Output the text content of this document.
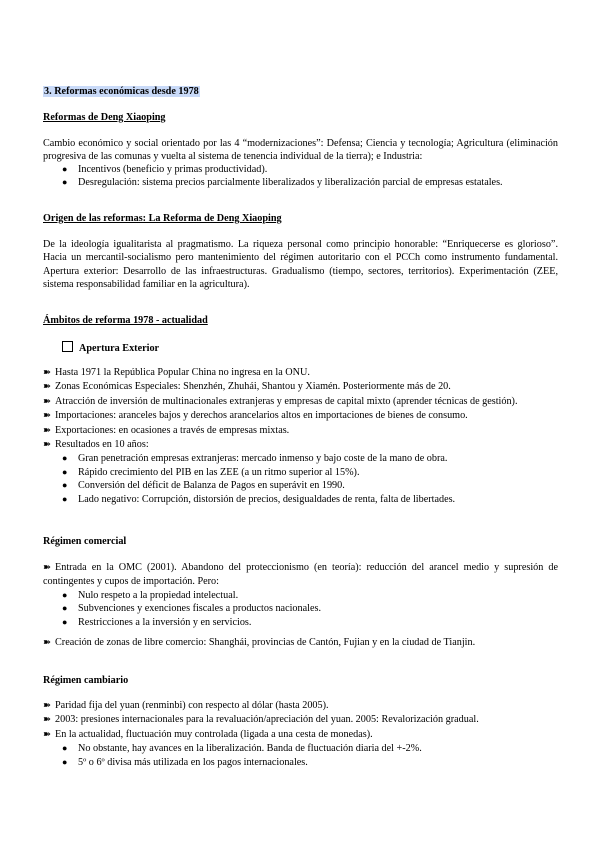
3. Reformas económicas desde 1978
Reformas de Deng Xiaoping
Cambio económico y social orientado por las 4 “modernizaciones”: Defensa; Ciencia y tecnología; Agricultura (eliminación progresiva de las comunas y vuelta al sistema de tenencia individual de la tierra); e Industria:
● Incentivos (beneficio y primas productividad).
● Desregulación: sistema precios parcialmente liberalizados y liberalización parcial de empresas estatales.
Origen de las reformas: La Reforma de Deng Xiaoping
De la ideología igualitarista al pragmatismo. La riqueza personal como principio honorable: “Enriquecerse es glorioso”. Hacia un mercantil-socialismo pero mantenimiento del régimen autoritario con el PCCh como instrumento fundamental. Apertura exterior: Desarrollo de las infraestructuras. Gradualismo (tiempo, sectores, territorios). Experimentación (ZEE, sistema responsabilidad familiar en la agricultura).
Ámbitos de reforma 1978 - actualidad
Apertura Exterior
➽ Hasta 1971 la República Popular China no ingresa en la ONU.
➽ Zonas Económicas Especiales: Shenzhén, Zhuhái, Shantou y Xiamén. Posteriormente más de 20.
➽ Atracción de inversión de multinacionales extranjeras y empresas de capital mixto (aprender técnicas de gestión).
➽ Importaciones: aranceles bajos y derechos arancelarios altos en importaciones de bienes de consumo.
➽ Exportaciones: en ocasiones a través de empresas mixtas.
➽ Resultados en 10 años:
● Gran penetración empresas extranjeras: mercado inmenso y bajo coste de la mano de obra.
● Rápido crecimiento del PIB en las ZEE (a un ritmo superior al 15%).
● Conversión del déficit de Balanza de Pagos en superávit en 1990.
● Lado negativo: Corrupción, distorsión de precios, desigualdades de renta, falta de libertades.
Régimen comercial
➽ Entrada en la OMC (2001). Abandono del proteccionismo (en teoría): reducción del arancel medio y supresión de contingentes y cupos de importación. Pero:
● Nulo respeto a la propiedad intelectual.
● Subvenciones y exenciones fiscales a productos nacionales.
● Restricciones a la inversión y en servicios.
➽ Creación de zonas de libre comercio: Shanghái, provincias de Cantón, Fujian y en la ciudad de Tianjin.
Régimen cambiario
➽ Paridad fija del yuan (renminbi) con respecto al dólar (hasta 2005).
➽ 2003: presiones internacionales para la revaluación/apreciación del yuan. 2005: Revalorización gradual.
➽ En la actualidad, fluctuación muy controlada (ligada a una cesta de monedas).
● No obstante, hay avances en la liberalización. Banda de fluctuación diaria del +-2%.
● 5º o 6º divisa más utilizada en los pagos internacionales.
